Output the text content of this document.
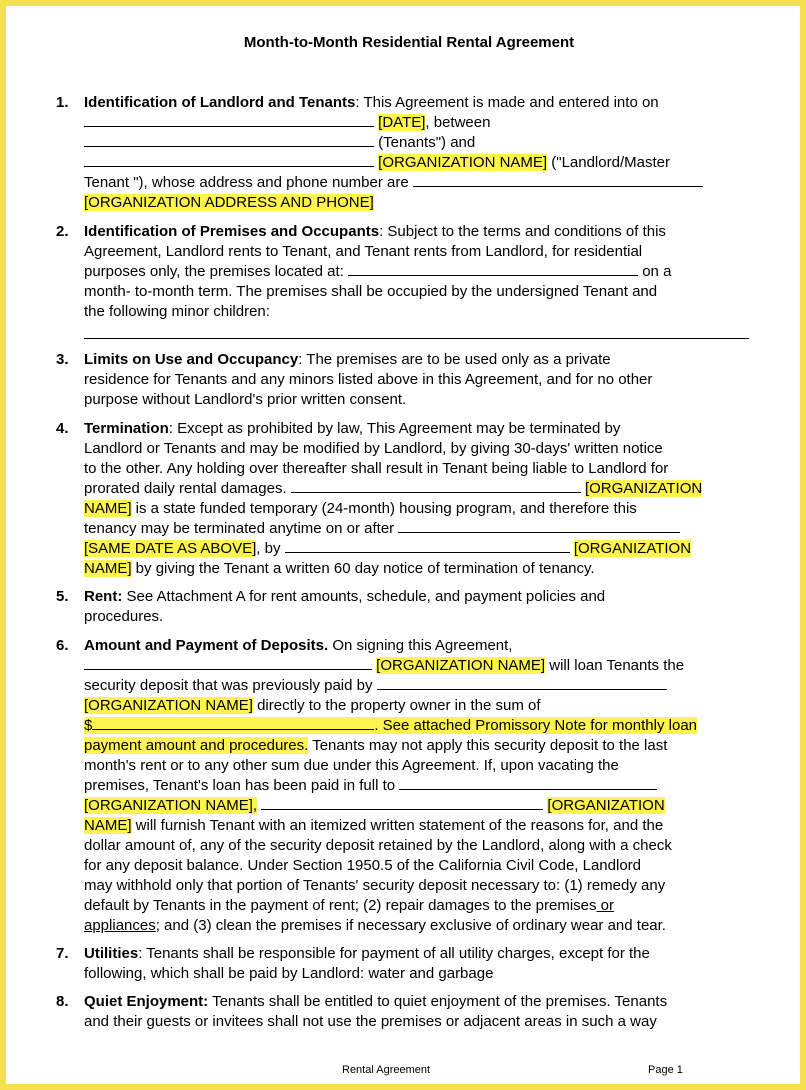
Month-to-Month Residential Rental Agreement
1. Identification of Landlord and Tenants: This Agreement is made and entered into on
[DATE], between
(Tenants") and
[ORGANIZATION NAME] ("Landlord/Master
Tenant "), whose address and phone number are
[ORGANIZATION ADDRESS AND PHONE]
2. Identification of Premises and Occupants: Subject to the terms and conditions of this
Agreement, Landlord rents to Tenant, and Tenant rents from Landlord, for residential
purposes only, the premises located at:	on a
month- to-month term. The premises shall be occupied by the undersigned Tenant and
the following minor children:
3. Limits on Use and Occupancy: The premises are to be used only as a private
residence for Tenants and any minors listed above in this Agreement, and for no other
purpose without Landlord's prior written consent.
4. Termination: Except as prohibited by law, This Agreement may be terminated by
Landlord or Tenants and may be modified by Landlord, by giving 30-days' written notice
to the other. Any holding over thereafter shall result in Tenant being liable to Landlord for
prorated daily rental damages.	[ORGANIZATION
NAME] is a state funded temporary (24-month) housing program, and therefore this
tenancy may be terminated anytime on or after
[SAME DATE AS ABOVE], by	[ORGANIZATION
NAME] by giving the Tenant a written 60 day notice of termination of tenancy.
5. Rent: See Attachment A for rent amounts, schedule, and payment policies and
procedures.
6. Amount and Payment of Deposits. On signing this Agreement,
[ORGANIZATION NAME] will loan Tenants the
security deposit that was previously paid by
[ORGANIZATION NAME] directly to the property owner in the sum of
$	. See attached Promissory Note for monthly loan
payment amount and procedures. Tenants may not apply this security deposit to the last
month's rent or to any other sum due under this Agreement. If, upon vacating the
premises, Tenant's loan has been paid in full to
[ORGANIZATION NAME],	[ORGANIZATION
NAME] will furnish Tenant with an itemized written statement of the reasons for, and the
dollar amount of, any of the security deposit retained by the Landlord, along with a check
for any deposit balance. Under Section 1950.5 of the California Civil Code, Landlord
may withhold only that portion of Tenants' security deposit necessary to: (1) remedy any
default by Tenants in the payment of rent; (2) repair damages to the premises or
appliances; and (3) clean the premises if necessary exclusive of ordinary wear and tear.
7. Utilities: Tenants shall be responsible for payment of all utility charges, except for the
following, which shall be paid by Landlord: water and garbage
8. Quiet Enjoyment: Tenants shall be entitled to quiet enjoyment of the premises. Tenants
and their guests or invitees shall not use the premises or adjacent areas in such a way
Rental Agreement	Page 1
